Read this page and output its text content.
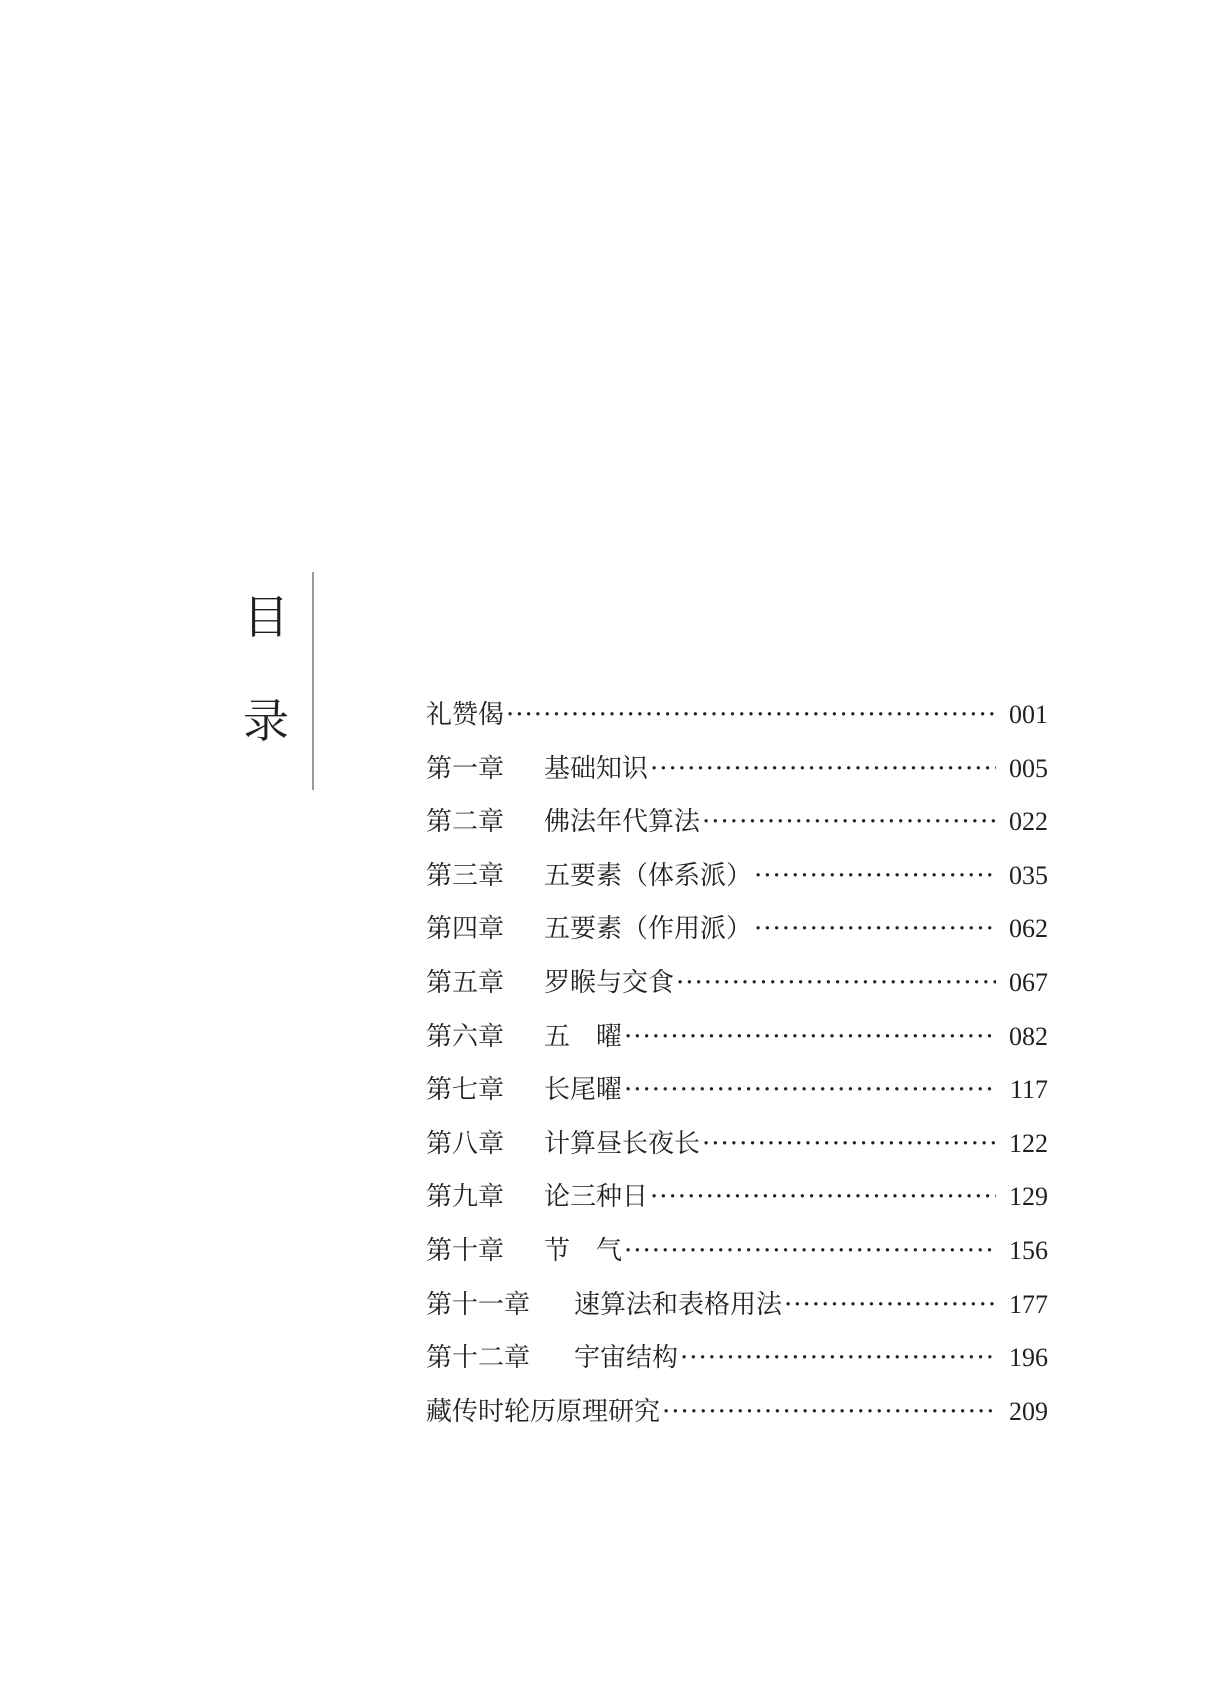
目
录	礼赞偈 ·····	001
第一章	基础知识 ·····	005
第二章	佛法年代算法 ·····	022
第三章	五要素（体系派） ·····	035
第四章	五要素（作用派） ·····	062
第五章	罗睺与交食 ·····	067
第六章	五　曜 ·····	082
第七章	长尾曜 ·····	117
第八章	计算昼长夜长 ·····	122
第九章	论三种日 ·····	129
第十章	节　气 ·····	156
第十一章	速算法和表格用法 ·····	177
第十二章	宇宙结构 ·····	196
藏传时轮历原理研究 ·····	209
